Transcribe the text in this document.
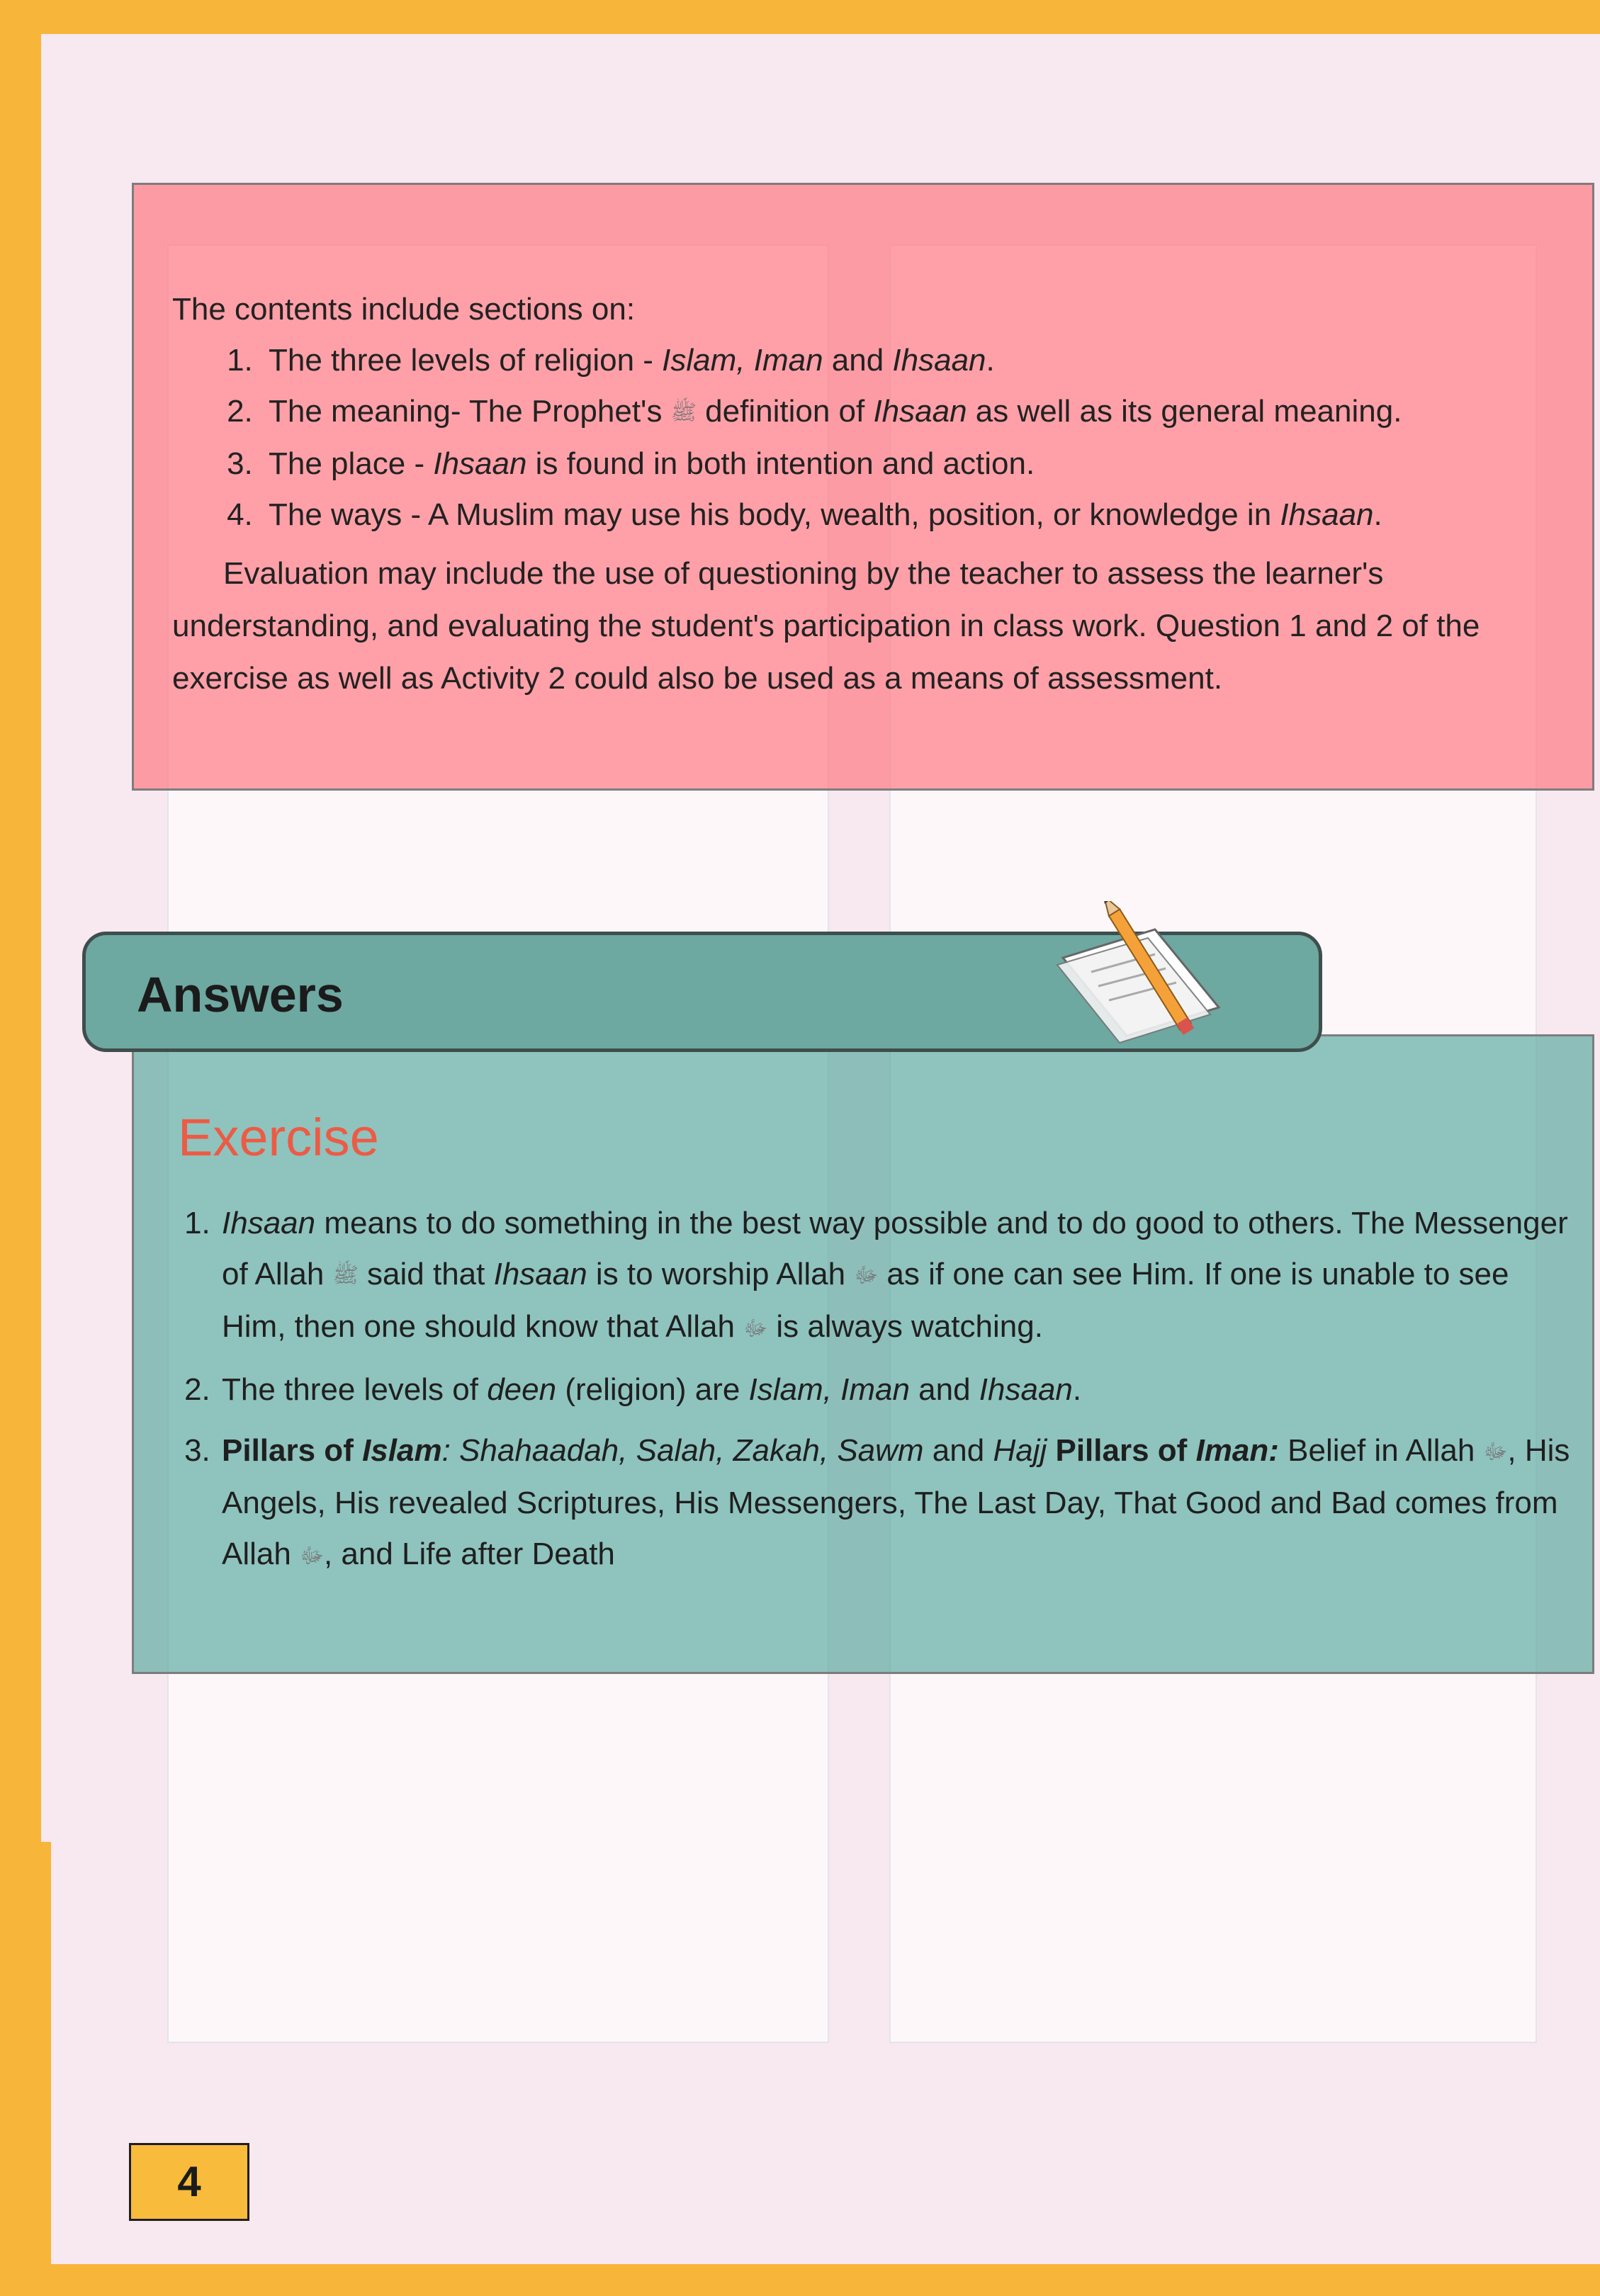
The contents include sections on:

1. The three levels of religion - Islam, Iman and Ihsaan.
2. The meaning- The Prophet's ﷺ definition of Ihsaan as well as its general meaning.
3. The place - Ihsaan is found in both intention and action.
4. The ways - A Muslim may use his body, wealth, position, or knowledge in Ihsaan.

Evaluation may include the use of questioning by the teacher to assess the learner's understanding, and evaluating the student's participation in class work. Question 1 and 2 of the exercise as well as Activity 2 could also be used as a means of assessment.

Exercise
1. Ihsaan means to do something in the best way possible and to do good to others. The Messenger of Allah ﷺ said that Ihsaan is to worship Allah ﷻ as if one can see Him. If one is unable to see Him, then one should know that Allah ﷻ is always watching.
2. The three levels of deen (religion) are Islam, Iman and Ihsaan.
3. Pillars of Islam: Shahaadah, Salah, Zakah, Sawm and Hajj Pillars of Iman: Belief in Allah ﷻ, His Angels, His revealed Scriptures, His Messengers, The Last Day, That Good and Bad comes from Allah ﷻ, and Life after Death
Answers
4
